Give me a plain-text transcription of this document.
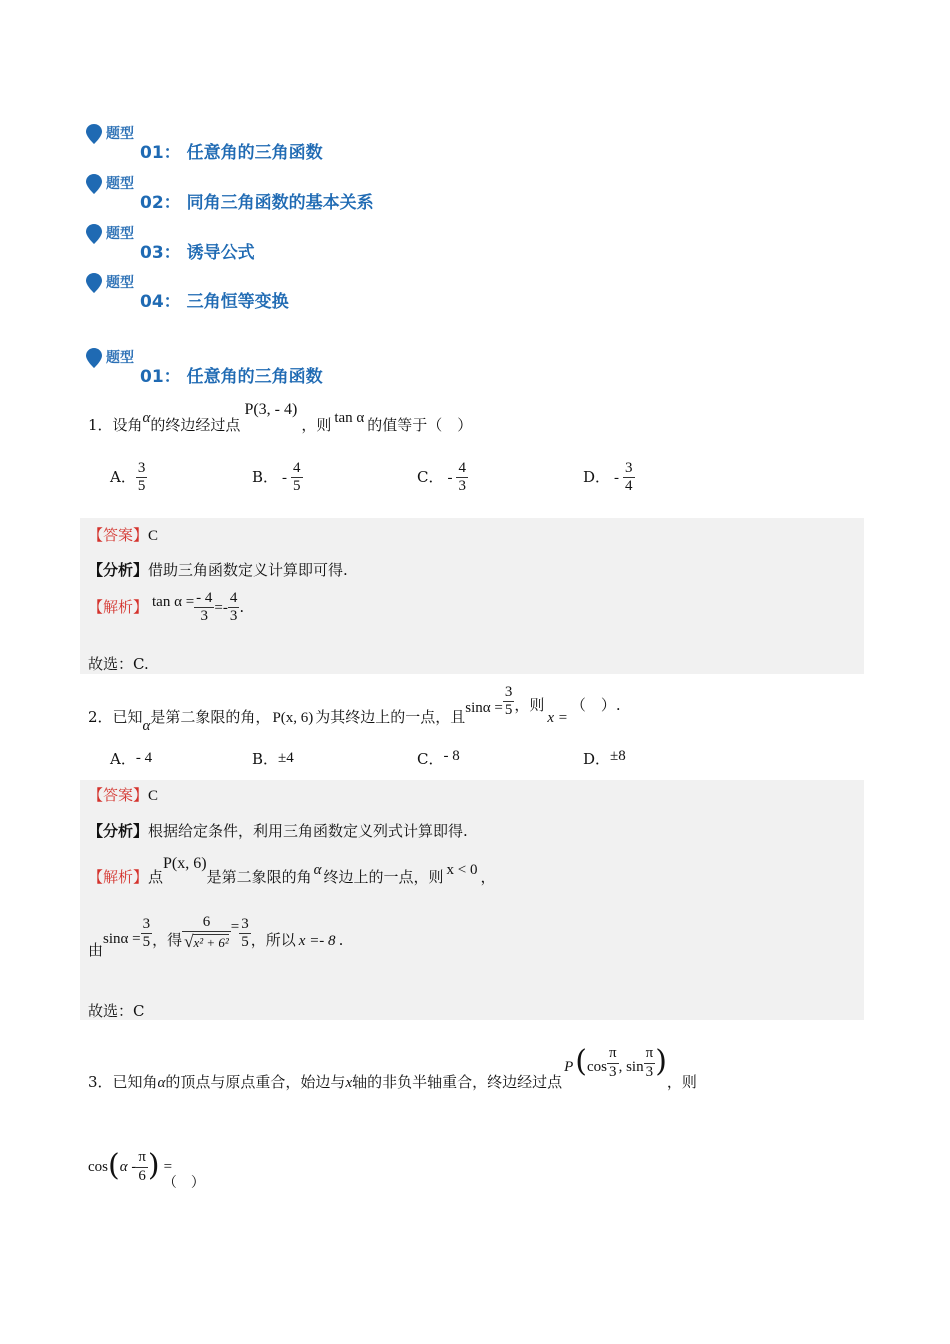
题型
01： 任意角的三角函数
题型
02： 同角三角函数的基本关系
题型
03： 诱导公式
题型
04： 三角恒等变换
题型
01： 任意角的三角函数
1．设角α的终边经过点P(3, - 4)，则 tan α 的值等于（　）
A． $\frac{3}{5}$	B． - $\frac{4}{5}$	C． - $\frac{4}{3}$	D． - $\frac{3}{4}$
【答案】C
【分析】借助三角函数定义计算即可得.
【解析】 $\tan \alpha = \frac{- 4}{3} =- \frac{4}{3}$ .
故选：C.
2．已知α是第二象限的角， P(x, 6) 为其终边上的一点，且$\sin\alpha = \frac{3}{5}$ ，则x =（　）.
A．- 4	B．±4	C．- 8	D．±8
【答案】C
【分析】根据给定条件，利用三角函数定义列式计算即得.
【解析】点P(x, 6)是第二象限的角 α 终边上的一点，则 x < 0 ，
由$\sin\alpha = \frac{3}{5}$ ，得 $\frac{6}{\text{√x² + 6²}} = \frac{3}{5}$ ，所以 x =- 8 .
故选：C
3．已知角α的顶点与原点重合，始边与x轴的非负半轴重合，终边经过点$P(\cos \frac{\pi}{3}$ , $\sin \frac{\pi}{3}$ )，则
$\cos(\alpha - \frac{\pi}{6}$ ) = （　）
